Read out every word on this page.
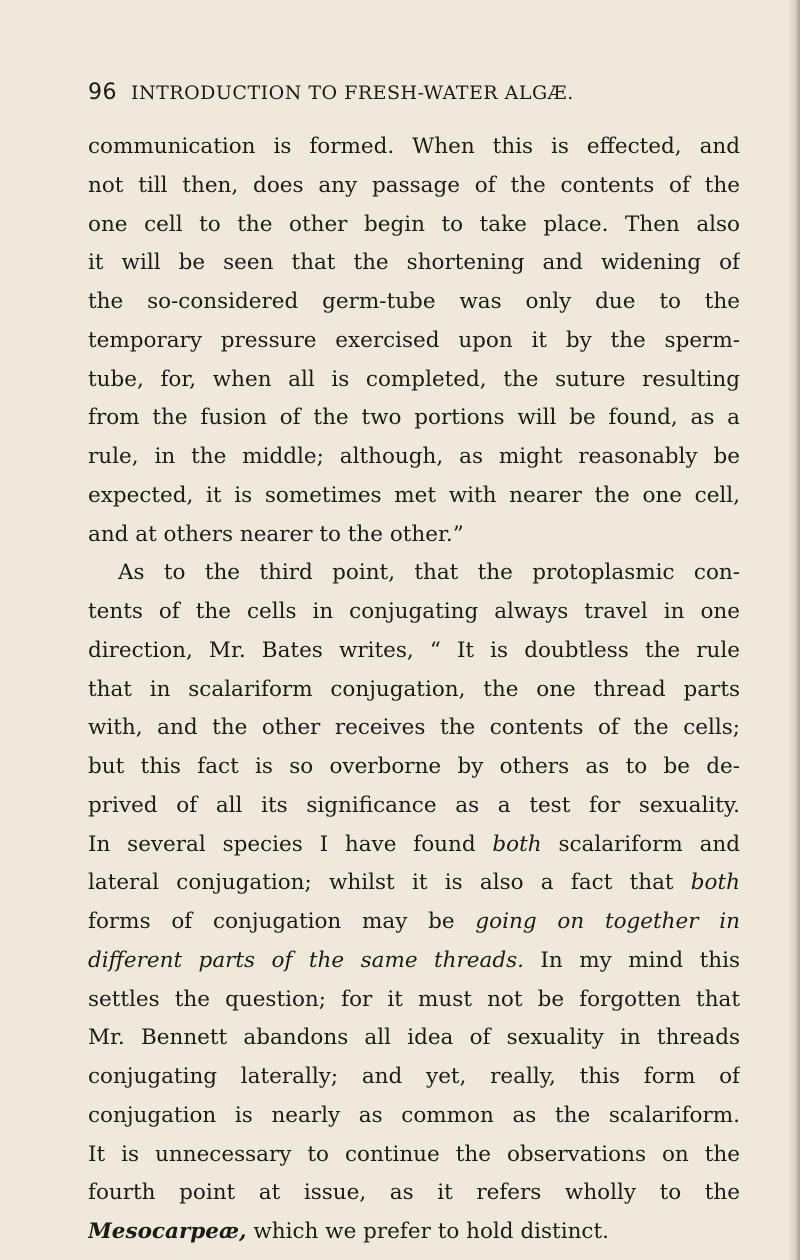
96 INTRODUCTION TO FRESH-WATER ALGÆ.
communication is formed. When this is effected, and
not till then, does any passage of the contents of the
one cell to the other begin to take place. Then also
it will be seen that the shortening and widening of
the so-considered germ-tube was only due to the
temporary pressure exercised upon it by the sperm-
tube, for, when all is completed, the suture resulting
from the fusion of the two portions will be found, as a
rule, in the middle; although, as might reasonably be
expected, it is sometimes met with nearer the one cell,
and at others nearer to the other.”
As to the third point, that the protoplasmic con-
tents of the cells in conjugating always travel in one
direction, Mr. Bates writes, “ It is doubtless the rule
that in scalariform conjugation, the one thread parts
with, and the other receives the contents of the cells;
but this fact is so overborne by others as to be de-
prived of all its significance as a test for sexuality.
In several species I have found both scalariform and
lateral conjugation; whilst it is also a fact that both
forms of conjugation may be going on together in
different parts of the same threads. In my mind this
settles the question; for it must not be forgotten that
Mr. Bennett abandons all idea of sexuality in threads
conjugating laterally; and yet, really, this form of
conjugation is nearly as common as the scalariform.
It is unnecessary to continue the observations on the
fourth point at issue, as it refers wholly to the
Mesocarpeæ, which we prefer to hold distinct.
